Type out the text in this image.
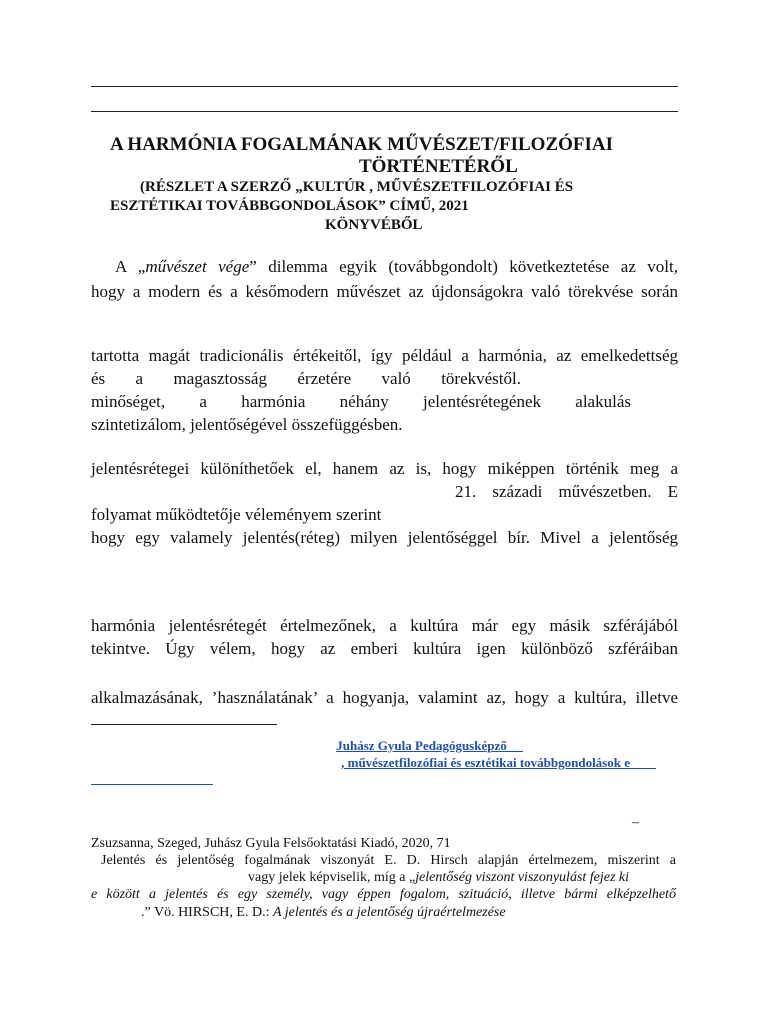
A HARMÓNIA FOGALMÁNAK MŰVÉSZET/FILOZÓFIAI
TÖRTÉNETÉRŐL
(RÉSZLET A SZERZŐ „KULTÚR , MŰVÉSZETFILOZÓFIAI ÉS
ESZTÉTIKAI TOVÁBBGONDOLÁSOK” CÍMŰ, 2021
KÖNYVÉBŐL
A „művészet vége” dilemma egyik (továbbgondolt) következtetése az volt,
hogy a modern és a későmodern művészet az újdonságokra való törekvése során
tartotta magát tradicionális értékeitől, így például a harmónia, az emelkedettség
és a magasztosság érzetére való törekvéstől.
minőséget, a harmónia néhány jelentésrétegének alakulás
szintetizálom, jelentőségével összefüggésben.
jelentésrétegei különíthetőek el, hanem az is, hogy miképpen történik meg a
21. századi művészetben. E
folyamat működtetője véleményem szerint
hogy egy valamely jelentés(réteg) milyen jelentőséggel bír. Mivel a jelentőség
harmónia jelentésrétegét értelmezőnek, a kultúra már egy másik szférájából
tekintve. Úgy vélem, hogy az emberi kultúra igen különböző szféráiban
alkalmazásának, ’használatának’ a hogyanja, valamint az, hogy a kultúra, illetve
Juhász Gyula Pedagógusképző
, művészetfilozófiai és esztétikai továbbgondolások e
–
Zsuzsanna, Szeged, Juhász Gyula Felsőoktatási Kiadó, 2020, 71
Jelentés és jelentőség fogalmának viszonyát E. D. Hirsch alapján értelmezem, miszerint a
vagy jelek képviselik, míg a „jelentőség viszont viszonyulást fejez ki
e között a jelentés és egy személy, vagy éppen fogalom, szituáció, illetve bármi elképzelhető
.” Vö. HIRSCH, E. D.: A jelentés és a jelentőség újraértelmezése
